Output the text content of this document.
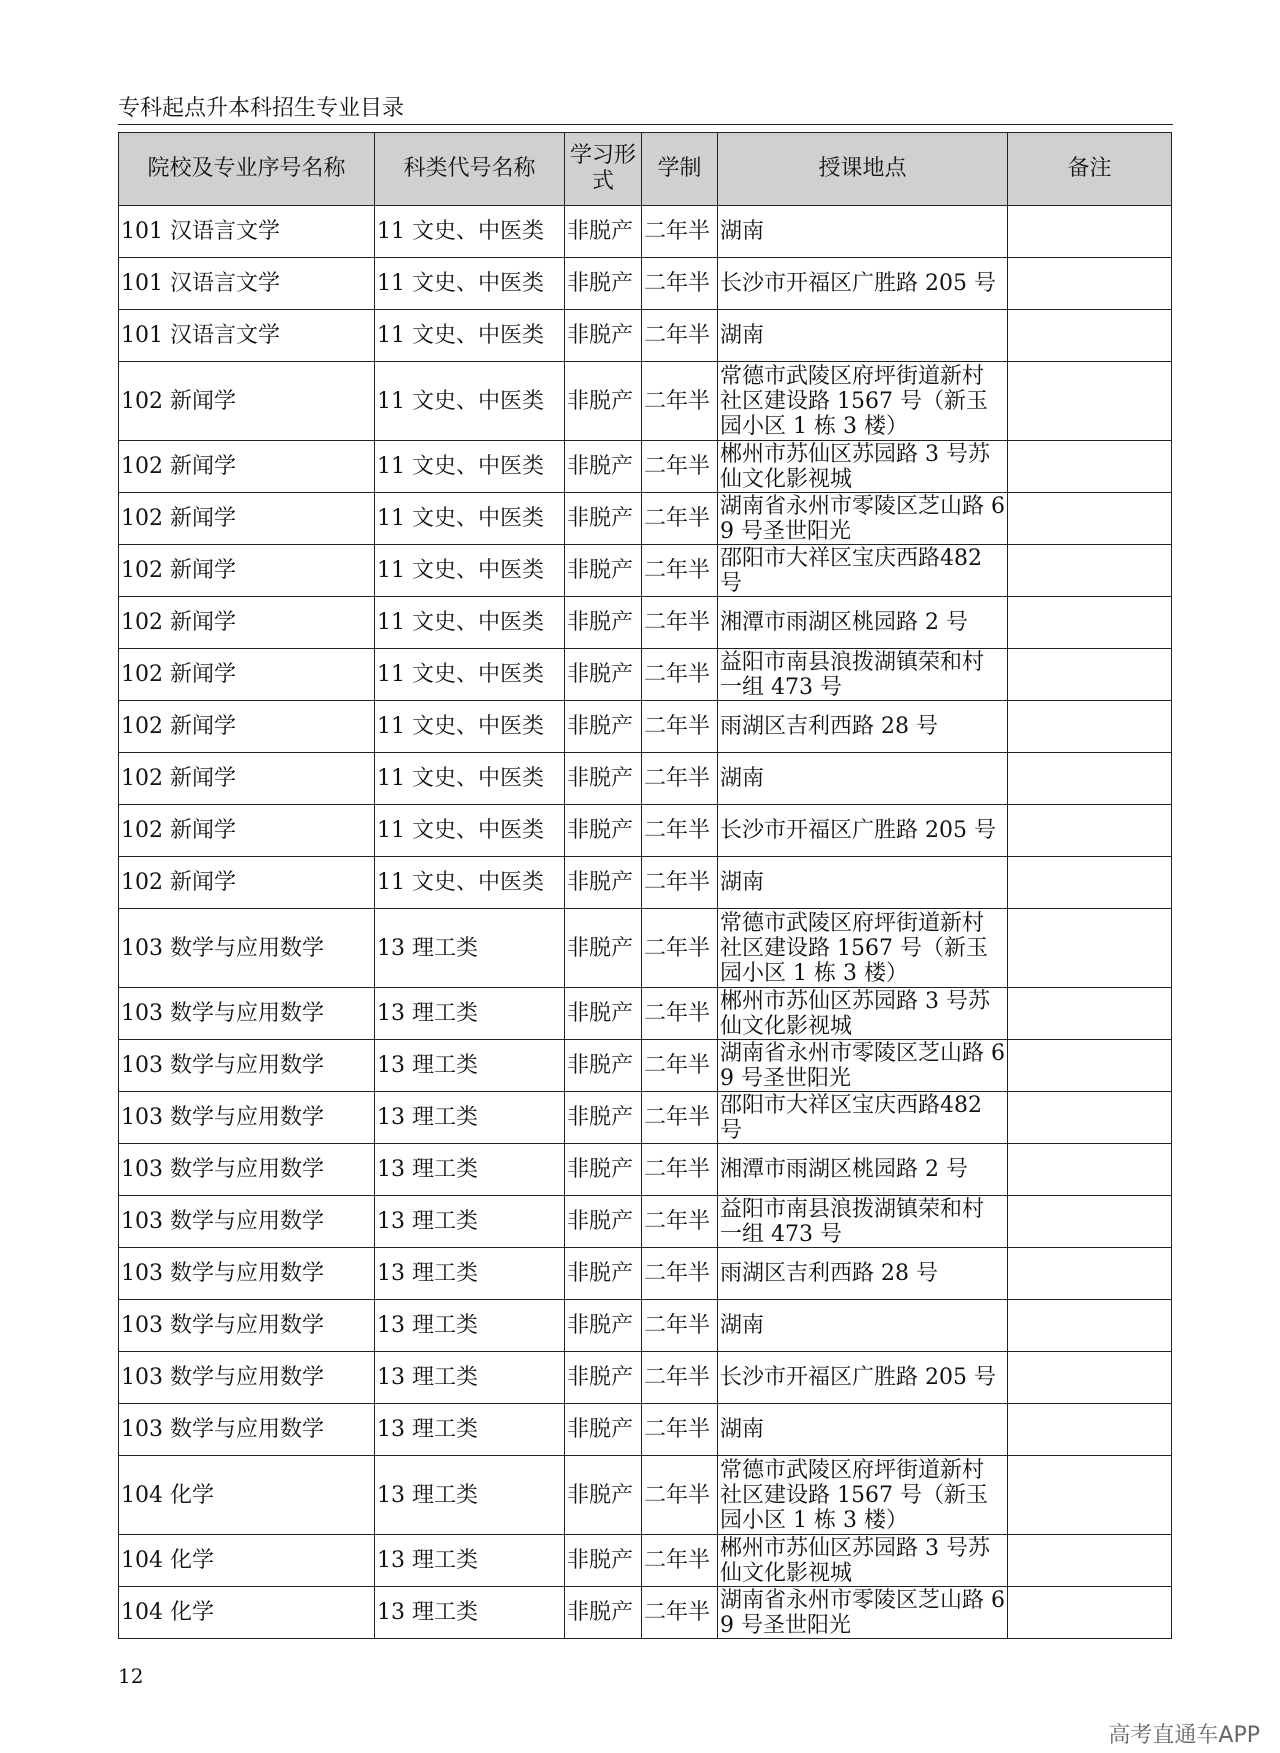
专科起点升本科招生专业目录
院校及专业序号名称	科类代号名称	学习形式	学制	授课地点	备注
101 汉语言文学	11 文史、中医类	非脱产	二年半	湖南	
101 汉语言文学	11 文史、中医类	非脱产	二年半	长沙市开福区广胜路 205 号	
101 汉语言文学	11 文史、中医类	非脱产	二年半	湖南	
102 新闻学	11 文史、中医类	非脱产	二年半	常德市武陵区府坪街道新村社区建设路 1567 号（新玉园小区 1 栋 3 楼）	
102 新闻学	11 文史、中医类	非脱产	二年半	郴州市苏仙区苏园路 3 号苏仙文化影视城	
102 新闻学	11 文史、中医类	非脱产	二年半	湖南省永州市零陵区芝山路 69 号圣世阳光	
102 新闻学	11 文史、中医类	非脱产	二年半	邵阳市大祥区宝庆西路482 号	
102 新闻学	11 文史、中医类	非脱产	二年半	湘潭市雨湖区桃园路 2 号	
102 新闻学	11 文史、中医类	非脱产	二年半	益阳市南县浪拨湖镇荣和村一组 473 号	
102 新闻学	11 文史、中医类	非脱产	二年半	雨湖区吉利西路 28 号	
102 新闻学	11 文史、中医类	非脱产	二年半	湖南	
102 新闻学	11 文史、中医类	非脱产	二年半	长沙市开福区广胜路 205 号	
102 新闻学	11 文史、中医类	非脱产	二年半	湖南	
103 数学与应用数学	13 理工类	非脱产	二年半	常德市武陵区府坪街道新村社区建设路 1567 号（新玉园小区 1 栋 3 楼）	
103 数学与应用数学	13 理工类	非脱产	二年半	郴州市苏仙区苏园路 3 号苏仙文化影视城	
103 数学与应用数学	13 理工类	非脱产	二年半	湖南省永州市零陵区芝山路 69 号圣世阳光	
103 数学与应用数学	13 理工类	非脱产	二年半	邵阳市大祥区宝庆西路482 号	
103 数学与应用数学	13 理工类	非脱产	二年半	湘潭市雨湖区桃园路 2 号	
103 数学与应用数学	13 理工类	非脱产	二年半	益阳市南县浪拨湖镇荣和村一组 473 号	
103 数学与应用数学	13 理工类	非脱产	二年半	雨湖区吉利西路 28 号	
103 数学与应用数学	13 理工类	非脱产	二年半	湖南	
103 数学与应用数学	13 理工类	非脱产	二年半	长沙市开福区广胜路 205 号	
103 数学与应用数学	13 理工类	非脱产	二年半	湖南	
104 化学	13 理工类	非脱产	二年半	常德市武陵区府坪街道新村社区建设路 1567 号（新玉园小区 1 栋 3 楼）	
104 化学	13 理工类	非脱产	二年半	郴州市苏仙区苏园路 3 号苏仙文化影视城	
104 化学	13 理工类	非脱产	二年半	湖南省永州市零陵区芝山路 69 号圣世阳光	
12
高考直通车APP
